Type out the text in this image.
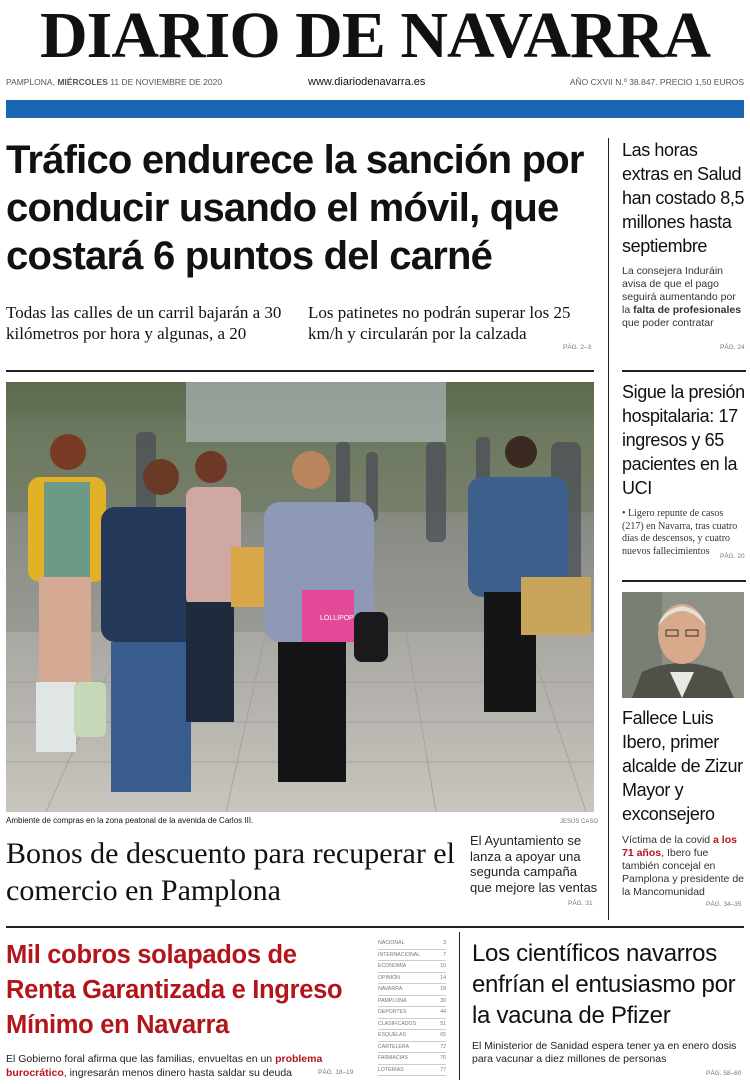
DIARIO DE NAVARRA
PAMPLONA, MIÉRCOLES 11 DE NOVIEMBRE DE 2020	www.diariodenavarra.es	AÑO CXVII N.º 38.847. PRECIO 1,50 EUROS
Tráfico endurece la sanción por conducir usando el móvil, que costará 6 puntos del carné
Todas las calles de un carril bajarán a 30 kilómetros por hora y algunas, a 20
Los patinetes no podrán superar los 25 km/h y circularán por la calzada
PÁG. 2–3
LOLLIPOP
Ambiente de compras en la zona peatonal de la avenida de Carlos III.	JESÚS CASO
Bonos de descuento para recuperar el comercio en Pamplona
El Ayuntamiento se lanza a apoyar una segunda campaña que mejore las ventas
PÁG. 31
Las horas extras en Salud han costado 8,5 millones hasta septiembre
La consejera Induráin avisa de que el pago seguirá aumentando por la falta de profesionales que poder contratar
PÁG. 24
Sigue la presión hospitalaria: 17 ingresos y 65 pacientes en la UCI
• Ligero repunte de casos (217) en Navarra, tras cuatro días de descensos, y cuatro nuevos fallecimientos	PÁG. 20
Fallece Luis Ibero, primer alcalde de Zizur Mayor y exconsejero
Víctima de la covid a los 71 años, Ibero fue también concejal en Pamplona y presidente de la Mancomunidad
PÁG. 34–35
Mil cobros solapados de Renta Garantizada e Ingreso Mínimo en Navarra
El Gobierno foral afirma que las familias, envueltas en un problema burocrático, ingresarán menos dinero hasta saldar su deuda	PÁG. 18–19
NACIONAL	3
INTERNACIONAL	7
ECONOMÍA	10
OPINIÓN	14
NAVARRA	18
PAMPLONA	30
DEPORTES	44
CLASIFICADOS	51
ESQUELAS	65
CARTELERA	72
FARMACIAS	76
LOTERÍAS	77
Los científicos navarros enfrían el entusiasmo por la vacuna de Pfizer
El Ministerior de Sanidad espera tener ya en enero dosis para vacunar a diez millones de personas
PÁG. 58–60
